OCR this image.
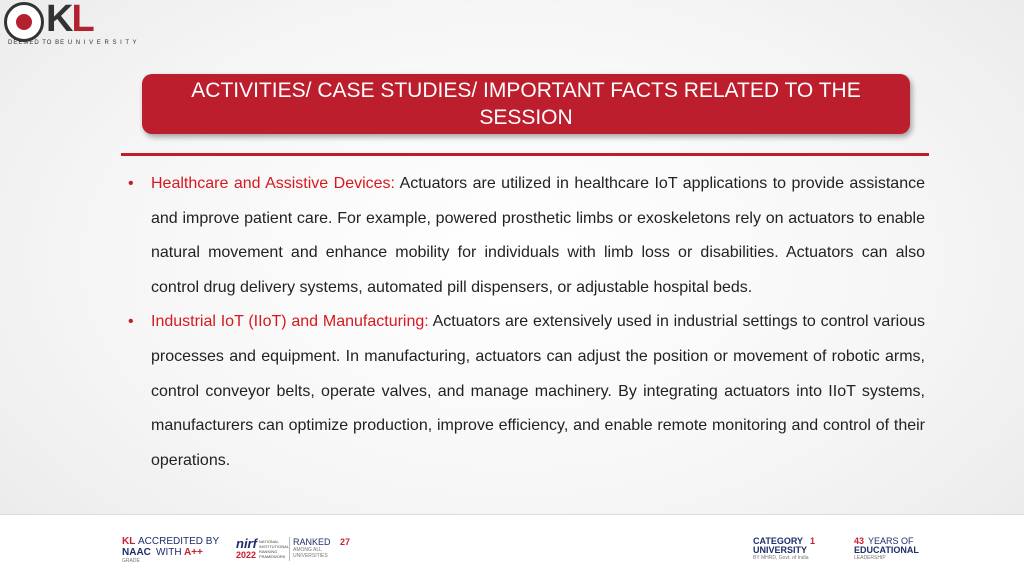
KL
DEEMED TO BE U N I V E R S I T Y
ACTIVITIES/ CASE STUDIES/ IMPORTANT FACTS RELATED TO THE SESSION
• Healthcare and Assistive Devices: Actuators are utilized in healthcare IoT applications to provide assistance and improve patient care. For example, powered prosthetic limbs or exoskeletons rely on actuators to enable natural movement and enhance mobility for individuals with limb loss or disabilities. Actuators can also control drug delivery systems, automated pill dispensers, or adjustable hospital beds.
• Industrial IoT (IIoT) and Manufacturing: Actuators are extensively used in industrial settings to control various processes and equipment. In manufacturing, actuators can adjust the position or movement of robotic arms, control conveyor belts, operate valves, and manage machinery. By integrating actuators into IIoT systems, manufacturers can optimize production, improve efficiency, and enable remote monitoring and control of their operations.
KL ACCREDITED BY
NAAC WITH A++
GRADE
nirf
2022
NATIONAL INSTITUTIONAL RANKING FRAMEWORK
RANKED 27
AMONG ALL
UNIVERSITIES
CATEGORY 1
UNIVERSITY
BY MHRD, Govt. of India
43 YEARS OF
EDUCATIONAL
LEADERSHIP
